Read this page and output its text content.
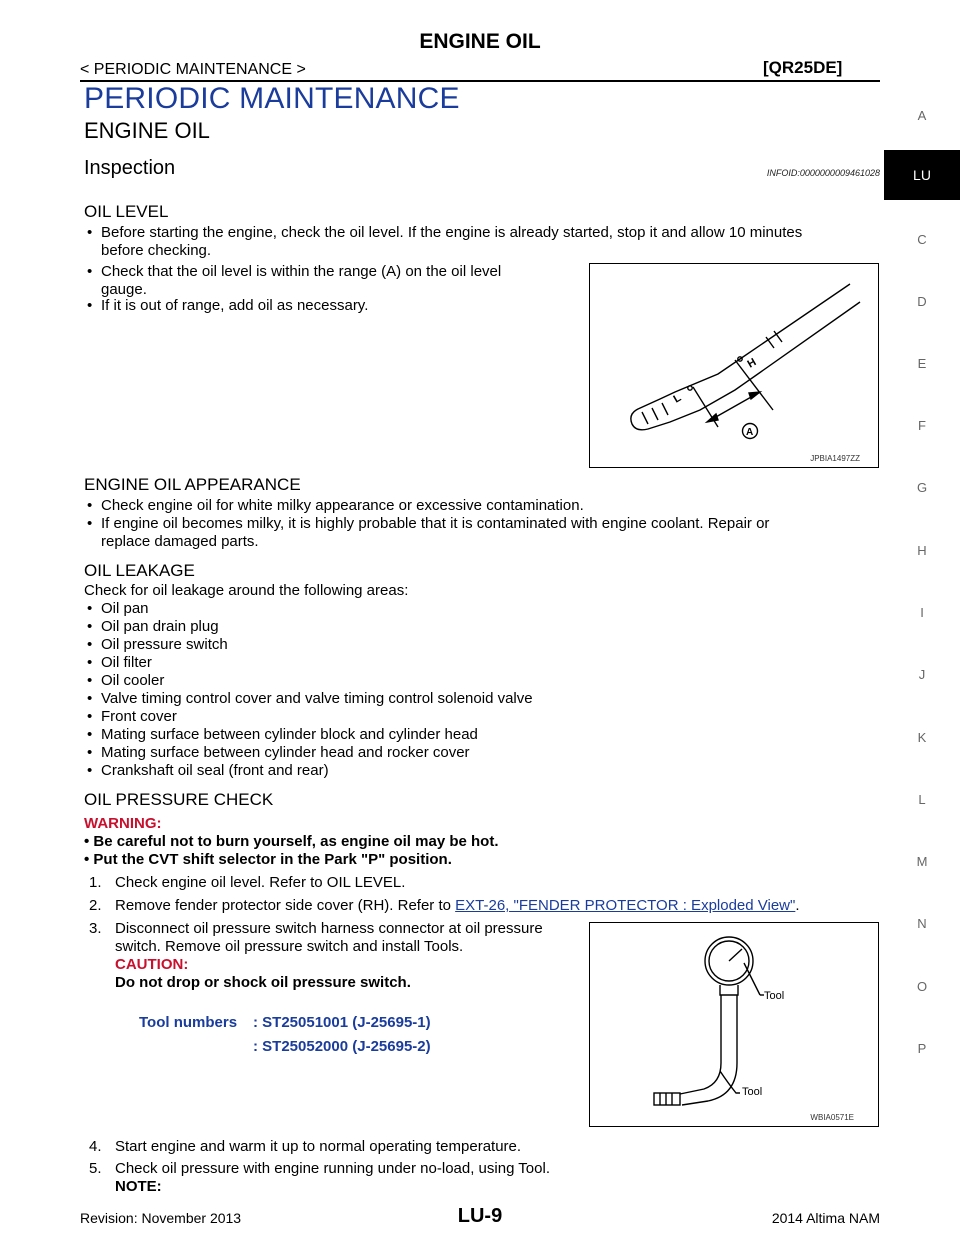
ENGINE OIL
< PERIODIC MAINTENANCE >	[QR25DE]
A
LU
C
D
E
F
G
H
I
J
K
L
M
N
O
P
PERIODIC MAINTENANCE
ENGINE OIL
Inspection	INFOID:0000000009461028
OIL LEVEL
• Before starting the engine, check the oil level. If the engine is already started, stop it and allow 10 minutes
before checking.
• Check that the oil level is within the range (A) on the oil level
gauge.
• If it is out of range, add oil as necessary.
L
H
A
JPBIA1497ZZ
ENGINE OIL APPEARANCE
• Check engine oil for white milky appearance or excessive contamination.
• If engine oil becomes milky, it is highly probable that it is contaminated with engine coolant. Repair or
replace damaged parts.
OIL LEAKAGE
Check for oil leakage around the following areas:
• Oil pan
• Oil pan drain plug
• Oil pressure switch
• Oil filter
• Oil cooler
• Valve timing control cover and valve timing control solenoid valve
• Front cover
• Mating surface between cylinder block and cylinder head
• Mating surface between cylinder head and rocker cover
• Crankshaft oil seal (front and rear)
OIL PRESSURE CHECK
WARNING:
• Be careful not to burn yourself, as engine oil may be hot.
• Put the CVT shift selector in the Park "P" position.
1. Check engine oil level. Refer to OIL LEVEL.
2. Remove fender protector side cover (RH). Refer to EXT-26, "FENDER PROTECTOR : Exploded View".
3. Disconnect oil pressure switch harness connector at oil pressure
switch. Remove oil pressure switch and install Tools.
CAUTION:
Do not drop or shock oil pressure switch.
Tool numbers : ST25051001 (J-25695-1)
: ST25052000 (J-25695-2)
Tool
Tool
WBIA0571E
4. Start engine and warm it up to normal operating temperature.
5. Check oil pressure with engine running under no-load, using Tool.
NOTE:
Revision: November 2013	LU-9	2014 Altima NAM
